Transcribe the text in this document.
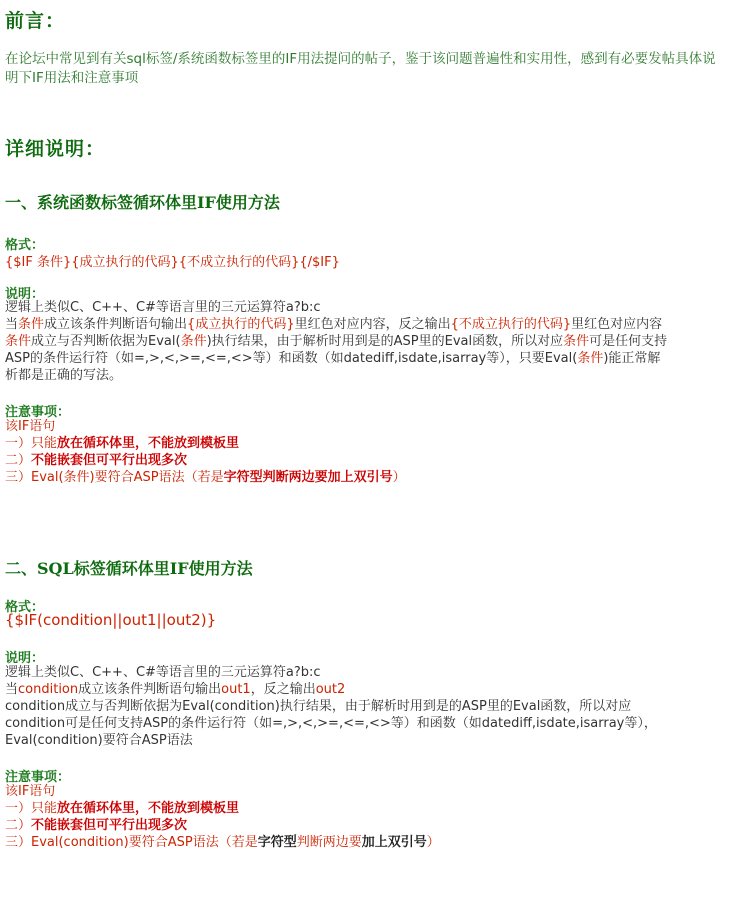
前言：
在论坛中常见到有关sql标签/系统函数标签里的IF用法提问的帖子，鉴于该问题普遍性和实用性，感到有必要发帖具体说明下IF用法和注意事项
详细说明：
一、系统函数标签循环体里IF使用方法
格式：
{$IF 条件}{成立执行的代码}{不成立执行的代码}{/$IF}
说明：
逻辑上类似C、C++、C#等语言里的三元运算符a?b:c
当条件成立该条件判断语句输出{成立执行的代码}里红色对应内容，反之输出{不成立执行的代码}里红色对应内容
条件成立与否判断依据为Eval(条件)执行结果，由于解析时用到是的ASP里的Eval函数，所以对应条件可是任何支持
ASP的条件运行符（如=,>,<,>=,<=,<>等）和函数（如datediff,isdate,isarray等），只要Eval(条件)能正常解
析都是正确的写法。
注意事项：
该IF语句
一）只能放在循环体里，不能放到模板里
二）不能嵌套但可平行出现多次
三）Eval(条件)要符合ASP语法（若是字符型判断两边要加上双引号）
二、SQL标签循环体里IF使用方法
格式：
{$IF(condition||out1||out2)}
说明：
逻辑上类似C、C++、C#等语言里的三元运算符a?b:c
当condition成立该条件判断语句输出out1，反之输出out2
condition成立与否判断依据为Eval(condition)执行结果，由于解析时用到是的ASP里的Eval函数，所以对应
condition可是任何支持ASP的条件运行符（如=,>,<,>=,<=,<>等）和函数（如datediff,isdate,isarray等），
Eval(condition)要符合ASP语法
注意事项：
该IF语句
一）只能放在循环体里，不能放到模板里
二）不能嵌套但可平行出现多次
三）Eval(condition)要符合ASP语法（若是字符型判断两边要加上双引号）
